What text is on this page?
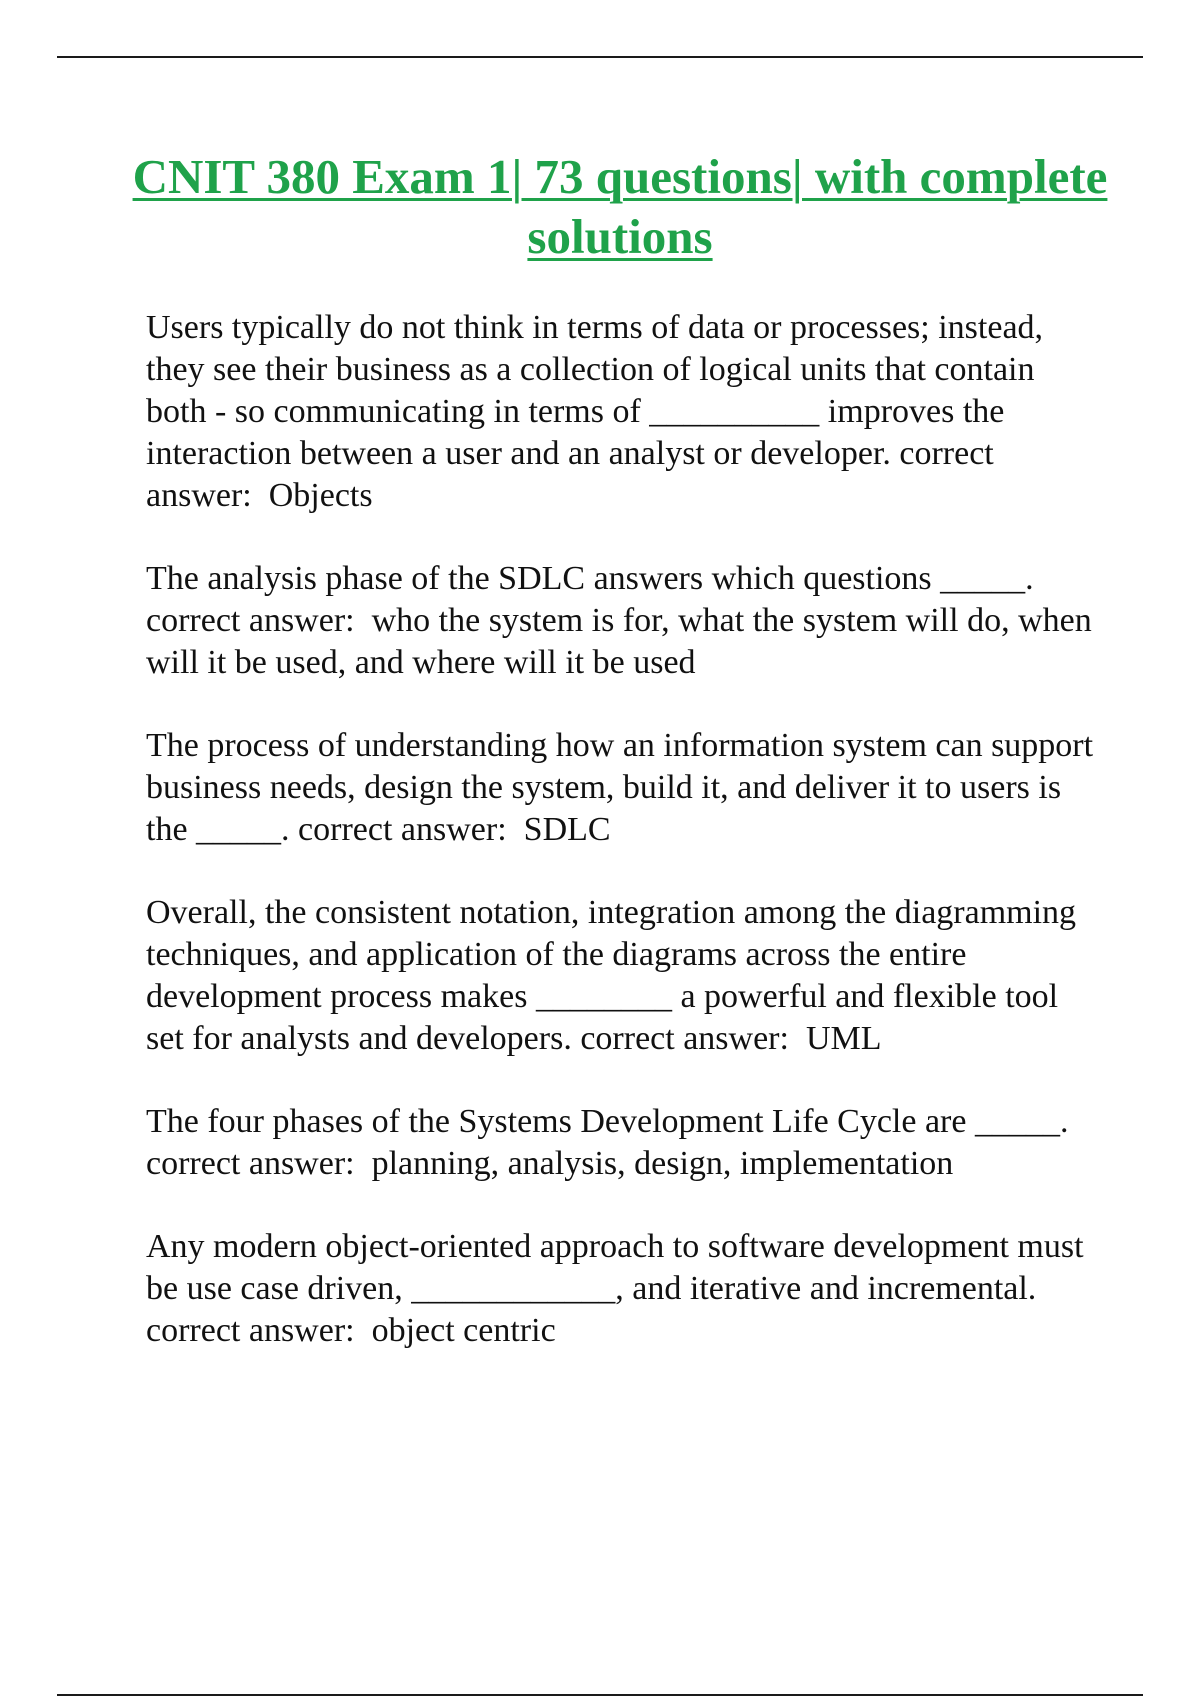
CNIT 380 Exam 1| 73 questions| with complete solutions

Users typically do not think in terms of data or processes; instead, they see their business as a collection of logical units that contain both - so communicating in terms of __________ improves the interaction between a user and an analyst or developer. correct answer: Objects

The analysis phase of the SDLC answers which questions _____. correct answer: who the system is for, what the system will do, when will it be used, and where will it be used

The process of understanding how an information system can support business needs, design the system, build it, and deliver it to users is the _____. correct answer: SDLC

Overall, the consistent notation, integration among the diagramming techniques, and application of the diagrams across the entire development process makes ________ a powerful and flexible tool set for analysts and developers. correct answer: UML

The four phases of the Systems Development Life Cycle are _____. correct answer: planning, analysis, design, implementation

Any modern object-oriented approach to software development must be use case driven, ____________, and iterative and incremental. correct answer: object centric
